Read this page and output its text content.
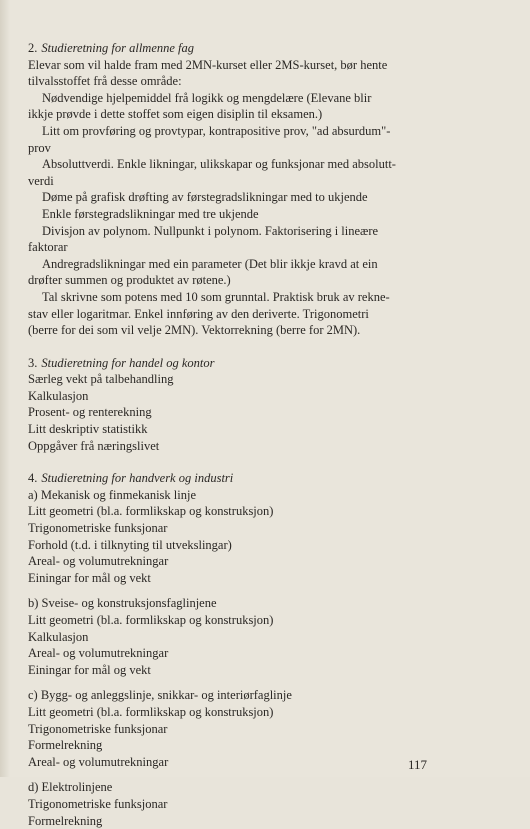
2. Studieretning for allmenne fag
Elevar som vil halde fram med 2MN-kurset eller 2MS-kurset, bør hente
tilvalsstoffet frå desse område:
Nødvendige hjelpemiddel frå logikk og mengdelære (Elevane blir
ikkje prøvde i dette stoffet som eigen disiplin til eksamen.)
Litt om provføring og provtypar, kontrapositive prov, "ad absurdum"-
prov
Absoluttverdi. Enkle likningar, ulikskapar og funksjonar med absolutt-
verdi
Døme på grafisk drøfting av førstegradslikningar med to ukjende
Enkle førstegradslikningar med tre ukjende
Divisjon av polynom. Nullpunkt i polynom. Faktorisering i lineære
faktorar
Andregradslikningar med ein parameter (Det blir ikkje kravd at ein
drøfter summen og produktet av røtene.)
Tal skrivne som potens med 10 som grunntal. Praktisk bruk av rekne-
stav eller logaritmar. Enkel innføring av den deriverte. Trigonometri
(berre for dei som vil velje 2MN). Vektorrekning (berre for 2MN).
3. Studieretning for handel og kontor
Særleg vekt på talbehandling
Kalkulasjon
Prosent- og renterekning
Litt deskriptiv statistikk
Oppgåver frå næringslivet
4. Studieretning for handverk og industri
a) Mekanisk og finmekanisk linje
Litt geometri (bl.a. formlikskap og konstruksjon)
Trigonometriske funksjonar
Forhold (t.d. i tilknyting til utvekslingar)
Areal- og volumutrekningar
Einingar for mål og vekt
b) Sveise- og konstruksjonsfaglinjene
Litt geometri (bl.a. formlikskap og konstruksjon)
Kalkulasjon
Areal- og volumutrekningar
Einingar for mål og vekt
c) Bygg- og anleggslinje, snikkar- og interiørfaglinje
Litt geometri (bl.a. formlikskap og konstruksjon)
Trigonometriske funksjonar
Formelrekning
Areal- og volumutrekningar
d) Elektrolinjene
Trigonometriske funksjonar
Formelrekning
117
